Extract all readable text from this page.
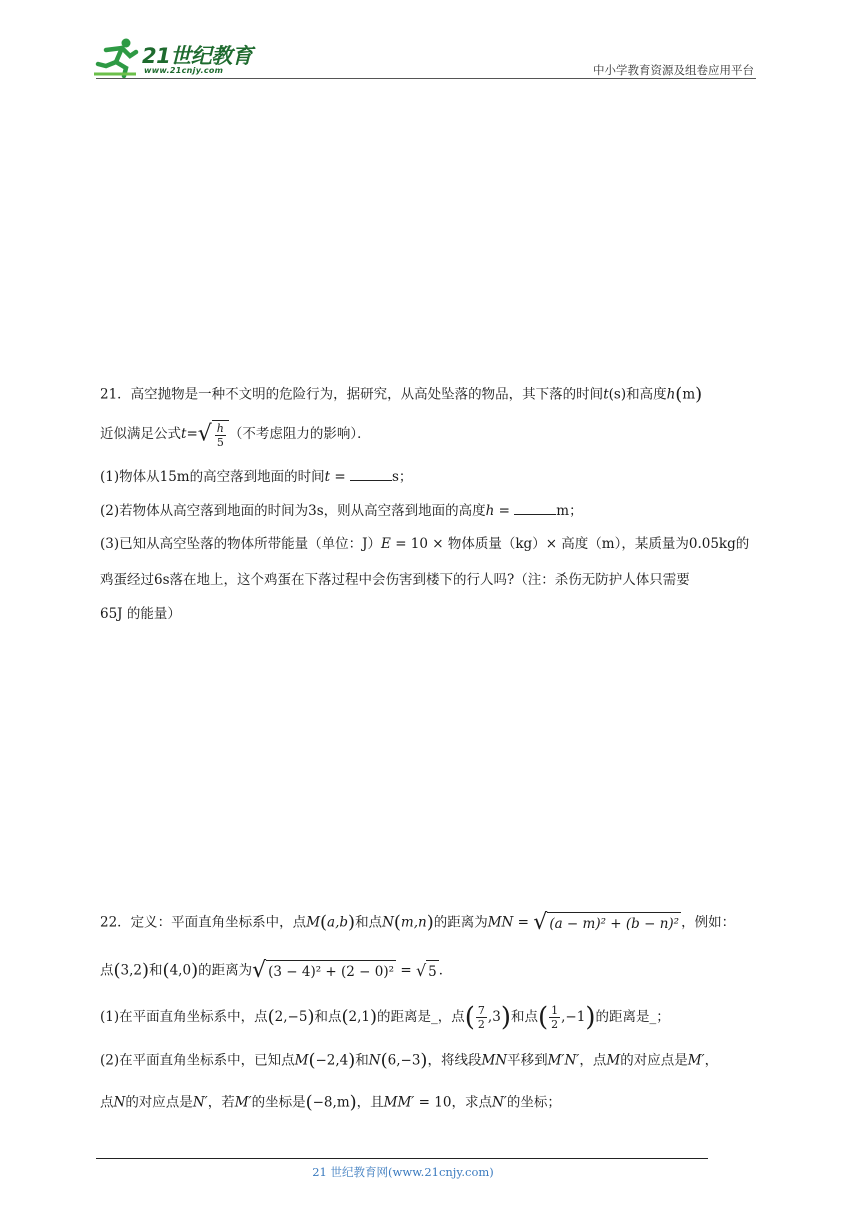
21世纪教育
www.21cnjy.com	中小学教育资源及组卷应用平台
21．高空抛物是一种不文明的危险行为，据研究，从高处坠落的物品，其下落的时间t(s)和高度h(m)
近似满足公式$t=√ \frac{h}{5}$ （不考虑阻力的影响）．
(1)物体从15m的高空落到地面的时间t =	s；
(2)若物体从高空落到地面的时间为3s，则从高空落到地面的高度h =	m；
(3)已知从高空坠落的物体所带能量（单位：J）E = 10 × 物体质量（kg）× 高度（m），某质量为0.05kg的
鸡蛋经过6s落在地上，这个鸡蛋在下落过程中会伤害到楼下的行人吗?（注：杀伤无防护人体只需要
65J 的能量）
22．定义：平面直角坐标系中，点M(a,b)和点N(m,n)的距离为MN = √ (a − m)² + (b − n)² ，例如：
点(3,2)和(4,0)的距离为√ (3 − 4)² + (2 − 0)² = √ 5 ．
(1)在平面直角坐标系中，点(2,−5)和点(2,1)的距离是_，点( $\frac{7}{2} ,3$)和点( $\frac{1}{2} ,-1$)的距离是_；
(2)在平面直角坐标系中，已知点M(−2,4)和N(6,−3)，将线段MN平移到M′N′，点M的对应点是M′，
点N的对应点是N′，若M′的坐标是(−8,m)，且MM′ = 10，求点N′的坐标；
21 世纪教育网(www.21cnjy.com)
